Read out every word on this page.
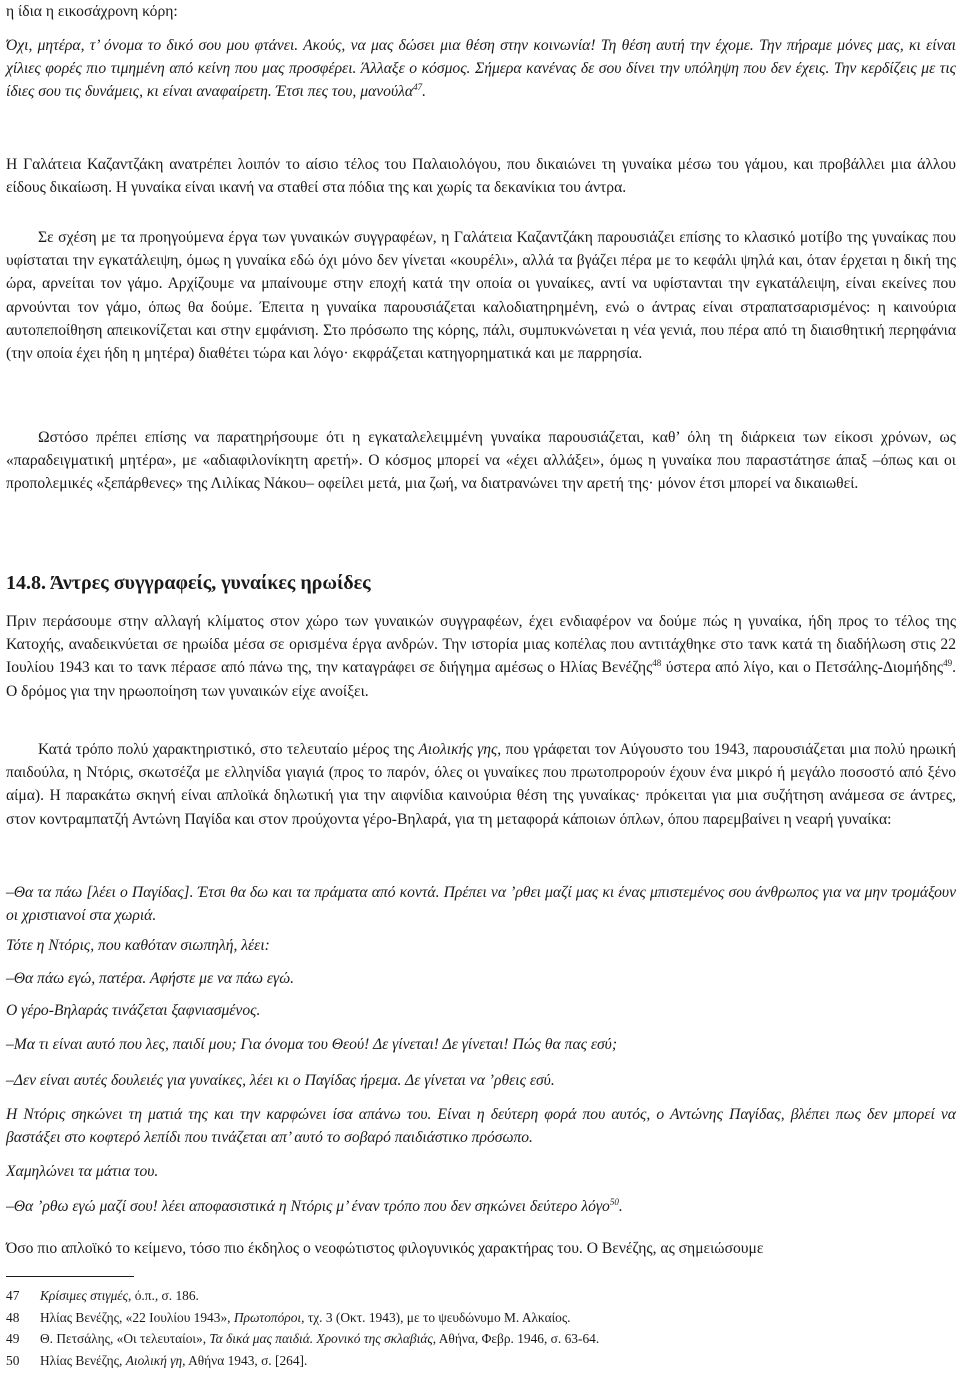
η ίδια η εικοσάχρονη κόρη:

Όχι, μητέρα, τ’ όνομα το δικό σου μου φτάνει. Ακούς, να μας δώσει μια θέση στην κοινωνία! Τη θέση αυτή την έχομε. Την πήραμε μόνες μας, κι είναι χίλιες φορές πιο τιμημένη από κείνη που μας προσφέρει. Άλλαξε ο κόσμος. Σήμερα κανένας δε σου δίνει την υπόληψη που δεν έχεις. Την κερδίζεις με τις ίδιες σου τις δυνάμεις, κι είναι αναφαίρετη. Έτσι πες του, μανούλα$^{47}$.

Η Γαλάτεια Καζαντζάκη ανατρέπει λοιπόν το αίσιο τέλος του Παλαιολόγου, που δικαιώνει τη γυναίκα μέσω του γάμου, και προβάλλει μια άλλου είδους δικαίωση. Η γυναίκα είναι ικανή να σταθεί στα πόδια της και χωρίς τα δεκανίκια του άντρα.

Σε σχέση με τα προηγούμενα έργα των γυναικών συγγραφέων, η Γαλάτεια Καζαντζάκη παρουσιάζει επίσης το κλασικό μοτίβο της γυναίκας που υφίσταται την εγκατάλειψη, όμως η γυναίκα εδώ όχι μόνο δεν γίνεται «κουρέλι», αλλά τα βγάζει πέρα με το κεφάλι ψηλά και, όταν έρχεται η δική της ώρα, αρνείται τον γάμο. Αρχίζουμε να μπαίνουμε στην εποχή κατά την οποία οι γυναίκες, αντί να υφίστανται την εγκατάλειψη, είναι εκείνες που αρνούνται τον γάμο, όπως θα δούμε. Έπειτα η γυναίκα παρουσιάζεται καλοδιατηρημένη, ενώ ο άντρας είναι στραπατσαρισμένος: η καινούρια αυτοπεποίθηση απεικονίζεται και στην εμφάνιση. Στο πρόσωπο της κόρης, πάλι, συμπυκνώνεται η νέα γενιά, που πέρα από τη διαισθητική περηφάνια (την οποία έχει ήδη η μητέρα) διαθέτει τώρα και λόγο· εκφράζεται κατηγορηματικά και με παρρησία.

Ωστόσο πρέπει επίσης να παρατηρήσουμε ότι η εγκαταλελειμμένη γυναίκα παρουσιάζεται, καθ’ όλη τη διάρκεια των είκοσι χρόνων, ως «παραδειγματική μητέρα», με «αδιαφιλονίκητη αρετή». Ο κόσμος μπορεί να «έχει αλλάξει», όμως η γυναίκα που παραστάτησε άπαξ –όπως και οι προπολεμικές «ξεπάρθενες» της Λιλίκας Νάκου– οφείλει μετά, μια ζωή, να διατρανώνει την αρετή της· μόνον έτσι μπορεί να δικαιωθεί.

14.8. Άντρες συγγραφείς, γυναίκες ηρωίδες

Πριν περάσουμε στην αλλαγή κλίματος στον χώρο των γυναικών συγγραφέων, έχει ενδιαφέρον να δούμε πώς η γυναίκα, ήδη προς το τέλος της Κατοχής, αναδεικνύεται σε ηρωίδα μέσα σε ορισμένα έργα ανδρών. Την ιστορία μιας κοπέλας που αντιτάχθηκε στο τανκ κατά τη διαδήλωση στις 22 Ιουλίου 1943 και το τανκ πέρασε από πάνω της, την καταγράφει σε διήγημα αμέσως ο Ηλίας Βενέζης$^{48}$ ύστερα από λίγο, και ο Πετσάλης-Διομήδης$^{49}$. Ο δρόμος για την ηρωοποίηση των γυναικών είχε ανοίξει.

Κατά τρόπο πολύ χαρακτηριστικό, στο τελευταίο μέρος της Αιολικής γης, που γράφεται τον Αύγουστο του 1943, παρουσιάζεται μια πολύ ηρωική παιδούλα, η Ντόρις, σκωτσέζα με ελληνίδα γιαγιά (προς το παρόν, όλες οι γυναίκες που πρωτοπρορούν έχουν ένα μικρό ή μεγάλο ποσοστό από ξένο αίμα). Η παρακάτω σκηνή είναι απλοϊκά δηλωτική για την αιφνίδια καινούρια θέση της γυναίκας· πρόκειται για μια συζήτηση ανάμεσα σε άντρες, στον κοντραμπατζή Αντώνη Παγίδα και στον πρoύχοντα γέρο-Βηλαρά, για τη μεταφορά κάποιων όπλων, όπου παρεμβαίνει η νεαρή γυναίκα:

–Θα τα πάω [λέει ο Παγίδας]. Έτσι θα δω και τα πράματα από κοντά. Πρέπει να ’ρθει μαζί μας κι ένας μπιστεμένος σου άνθρωπος για να μην τρομάξουν οι χριστιανοί στα χωριά.

Τότε η Ντόρις, που καθόταν σιωπηλή, λέει:

–Θα πάω εγώ, πατέρα. Αφήστε με να πάω εγώ.

Ο γέρο-Βηλαράς τινάζεται ξαφνιασμένος.

–Μα τι είναι αυτό που λες, παιδί μου; Για όνομα του Θεού! Δε γίνεται! Δε γίνεται! Πώς θα πας εσύ;

–Δεν είναι αυτές δουλειές για γυναίκες, λέει κι ο Παγίδας ήρεμα. Δε γίνεται να ’ρθεις εσύ.

Η Ντόρις σηκώνει τη ματιά της και την καρφώνει ίσα απάνω του. Είναι η δεύτερη φορά που αυτός, ο Αντώνης Παγίδας, βλέπει πως δεν μπορεί να βαστάξει στο κοφτερό λεπίδι που τινάζεται απ’ αυτό το σοβαρό παιδιάστικο πρόσωπο.

Χαμηλώνει τα μάτια του.

–Θα ’ρθω εγώ μαζί σου! λέει αποφασιστικά η Ντόρις μ’ έναν τρόπο που δεν σηκώνει δεύτερο λόγο$^{50}$.

Όσο πιο απλοϊκό το κείμενο, τόσο πιο έκδηλος ο νεοφώτιστος φιλογυνικός χαρακτήρας του. Ο Βενέζης, ας σημειώσουμε

47	Κρίσιμες στιγμές, ό.π., σ. 186.
48	Ηλίας Βενέζης, «22 Ιουλίου 1943», Πρωτοπόροι, τχ. 3 (Οκτ. 1943), με το ψευδώνυμο Μ. Αλκαίος.
49	Θ. Πετσάλης, «Οι τελευταίοι», Τα δικά μας παιδιά. Χρονικό της σκλαβιάς, Αθήνα, Φεβρ. 1946, σ. 63-64.
50	Ηλίας Βενέζης, Αιολική γη, Αθήνα 1943, σ. [264].
